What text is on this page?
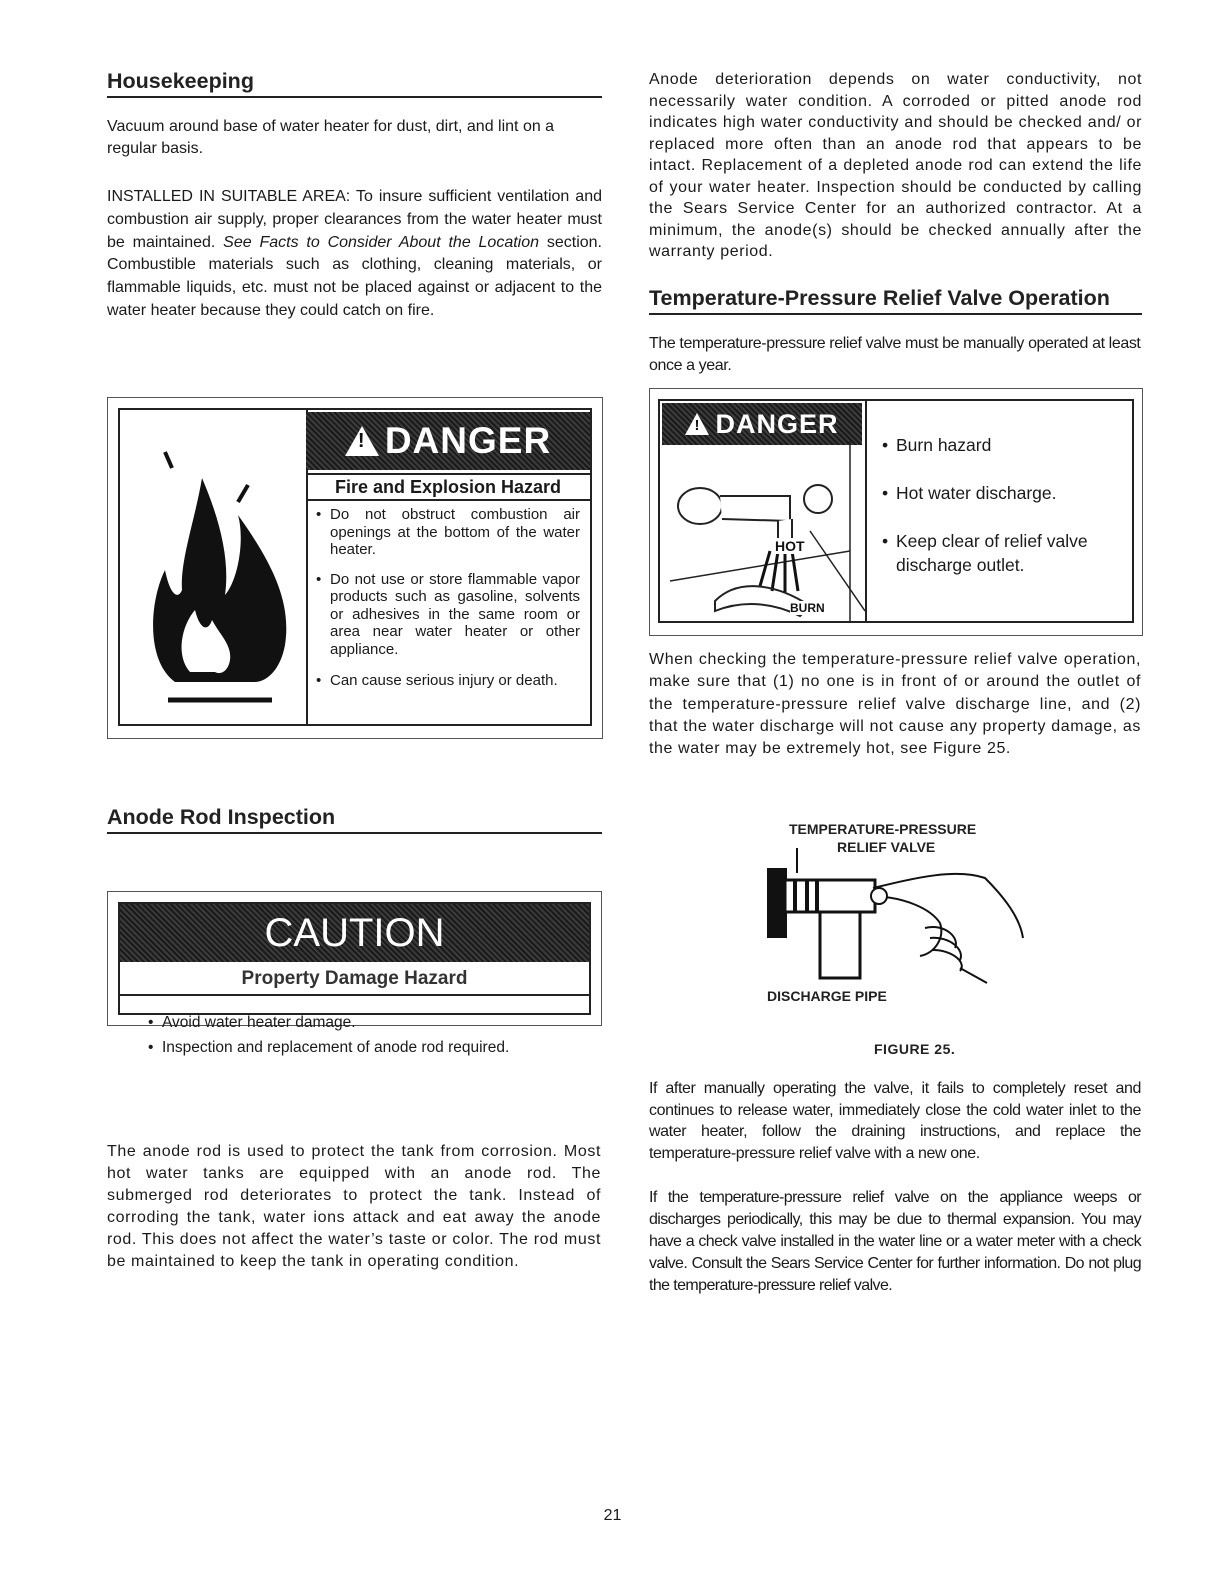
Housekeeping

Vacuum around base of water heater for dust, dirt, and lint on a regular basis.

INSTALLED IN SUITABLE AREA: To insure sufficient ventilation and combustion air supply, proper clearances from the water heater must be maintained. See Facts to Consider About the Location section. Combustible materials such as clothing, cleaning materials, or flammable liquids, etc. must not be placed against or adjacent to the water heater because they could catch on fire.

! DANGER
Fire and Explosion Hazard
• Do not obstruct combustion air openings at the bottom of the water heater.
• Do not use or store flammable vapor products such as gasoline, solvents or adhesives in the same room or area near water heater or other appliance.
• Can cause serious injury or death.
Anode Rod Inspection
CAUTION
Property Damage Hazard
• Avoid water heater damage.
• Inspection and replacement of anode rod required.

The anode rod is used to protect the tank from corrosion. Most hot water tanks are equipped with an anode rod. The submerged rod deteriorates to protect the tank. Instead of corroding the tank, water ions attack and eat away the anode rod. This does not affect the water’s taste or color. The rod must be maintained to keep the tank in operating condition.

Anode deterioration depends on water conductivity, not necessarily water condition. A corroded or pitted anode rod indicates high water conductivity and should be checked and/ or replaced more often than an anode rod that appears to be intact. Replacement of a depleted anode rod can extend the life of your water heater. Inspection should be conducted by calling the Sears Service Center for an authorized contractor. At a minimum, the anode(s) should be checked annually after the warranty period.

Temperature-Pressure Relief Valve Operation

The temperature-pressure relief valve must be manually operated at least once a year.

! DANGER
HOT
BURN
• Burn hazard
• Hot water discharge.
• Keep clear of relief valve discharge outlet.

When checking the temperature-pressure relief valve operation, make sure that (1) no one is in front of or around the outlet of the temperature-pressure relief valve discharge line, and (2) that the water discharge will not cause any property damage, as the water may be extremely hot, see Figure 25.

TEMPERATURE-PRESSURE
RELIEF VALVE
DISCHARGE PIPE
FIGURE 25.

If after manually operating the valve, it fails to completely reset and continues to release water, immediately close the cold water inlet to the water heater, follow the draining instructions, and replace the temperature-pressure relief valve with a new one.

If the temperature-pressure relief valve on the appliance weeps or discharges periodically, this may be due to thermal expansion. You may have a check valve installed in the water line or a water meter with a check valve. Consult the Sears Service Center for further information. Do not plug the temperature-pressure relief valve.

21
